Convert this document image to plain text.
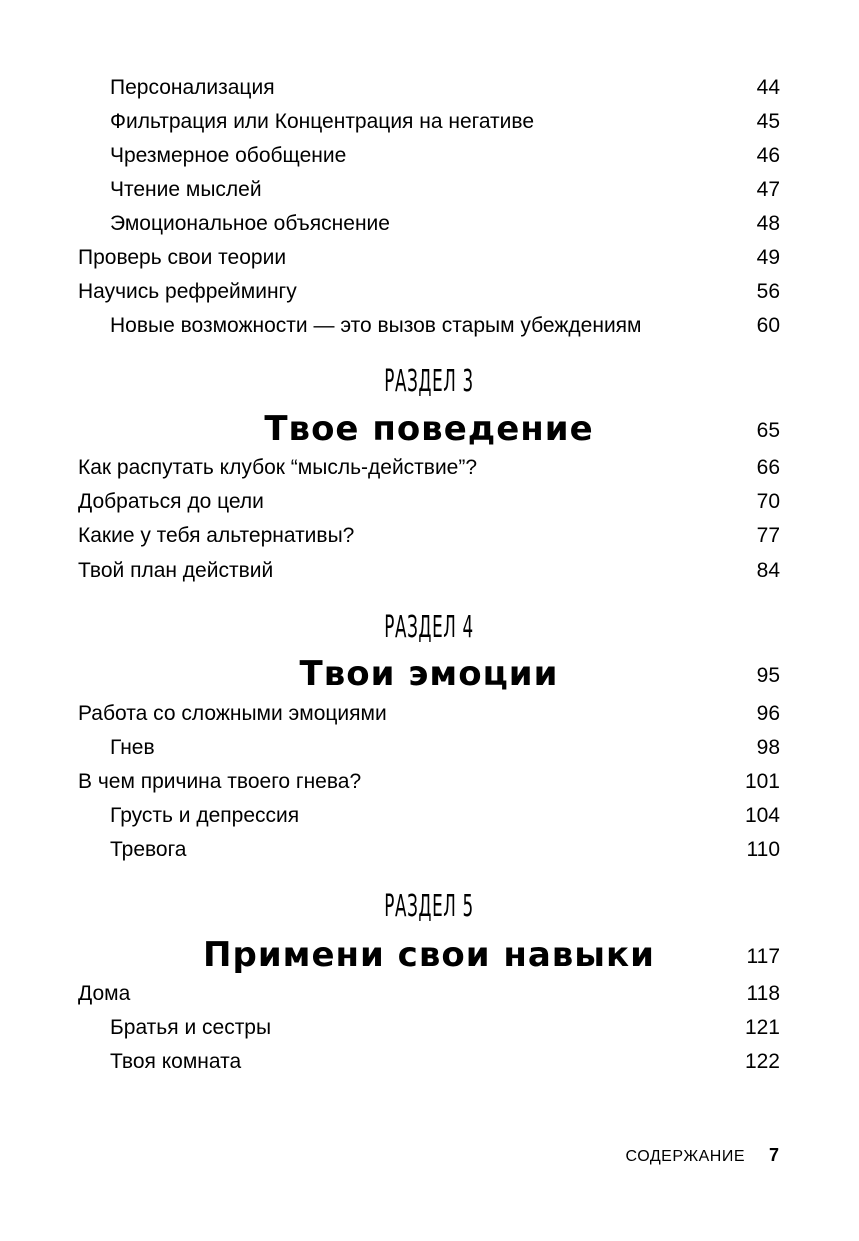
Персонализация	44
Фильтрация или Концентрация на негативе	45
Чрезмерное обобщение	46
Чтение мыслей	47
Эмоциональное объяснение	48
Проверь свои теории	49
Научись рефреймингу	56
Новые возможности — это вызов старым убеждениям	60
РАЗДЕЛ 3
Твое поведение	65
Как распутать клубок “мысль-действие”?	66
Добраться до цели	70
Какие у тебя альтернативы?	77
Твой план действий	84
РАЗДЕЛ 4
Твои эмоции	95
Работа со сложными эмоциями	96
Гнев	98
В чем причина твоего гнева?	101
Грусть и депрессия	104
Тревога	110
РАЗДЕЛ 5
Примени свои навыки	117
Дома	118
Братья и сестры	121
Твоя комната	122
СОДЕРЖАНИЕ 7
